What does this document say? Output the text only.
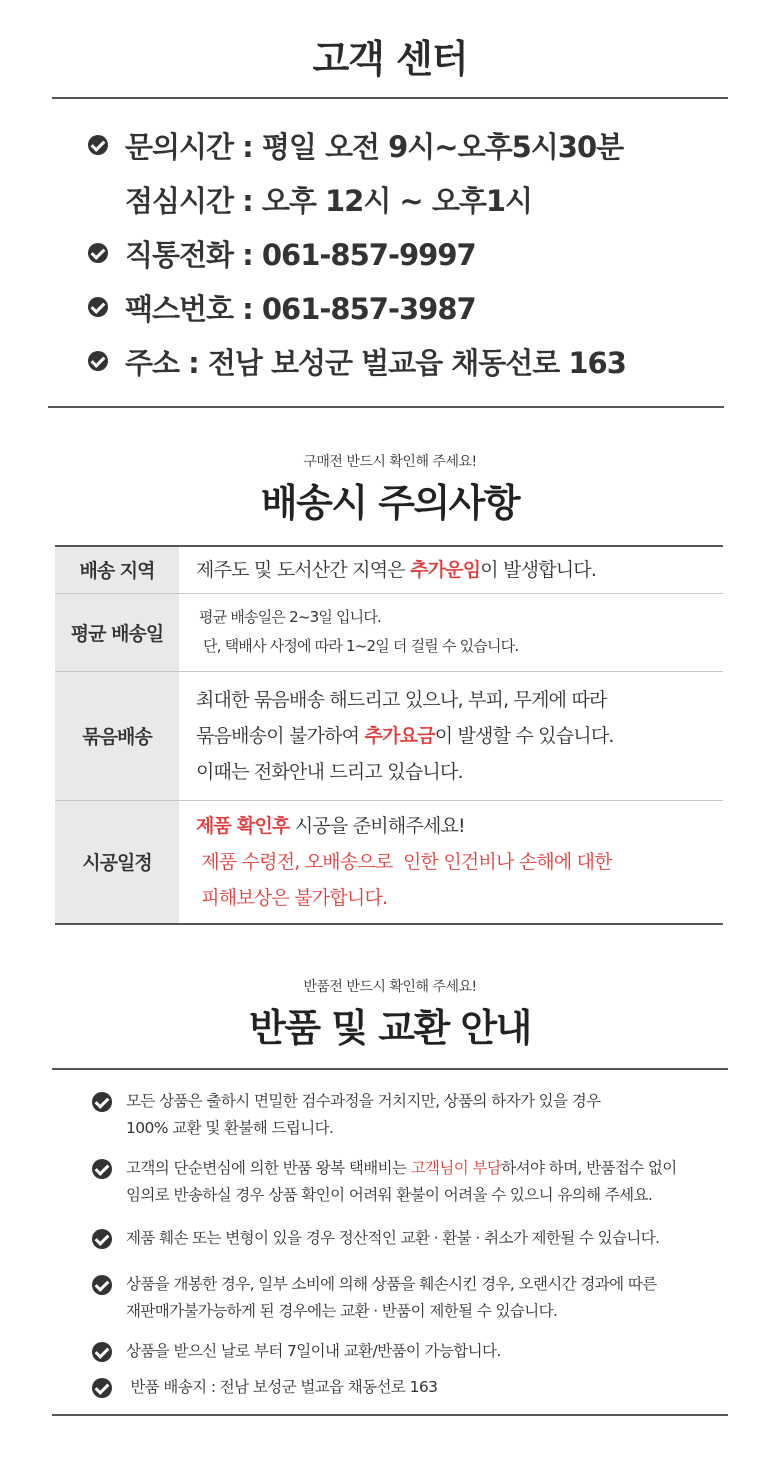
고객 센터
문의시간 : 평일 오전 9시~오후5시30분
점심시간 : 오후 12시 ~ 오후1시
직통전화 : 061-857-9997
팩스번호 : 061-857-3987
주소 : 전남 보성군 벌교읍 채동선로 163
구매전 반드시 확인해 주세요!
배송시 주의사항
배송 지역	제주도 및 도서산간 지역은 추가운임이 발생합니다.
평균 배송일	평균 배송일은 2~3일 입니다.
단, 택배사 사정에 따라 1~2일 더 걸릴 수 있습니다.

묶음배송	최대한 묶음배송 해드리고 있으나, 부피, 무게에 따라
묶음배송이 불가하여 추가요금이 발생할 수 있습니다.
이때는 전화안내 드리고 있습니다.

시공일정	제품 확인후 시공을 준비해주세요!
제품 수령전, 오배송으로  인한 인건비나 손해에 대한
피해보상은 불가합니다.
반품전 반드시 확인해 주세요!
반품 및 교환 안내
모든 상품은 출하시 면밀한 검수과정을 거치지만, 상품의 하자가 있을 경우
100% 교환 및 환불해 드립니다.
고객의 단순변심에 의한 반품 왕복 택배비는 고객님이 부담하셔야 하며, 반품접수 없이
임의로 반송하실 경우 상품 확인이 어려워 환불이 어려울 수 있으니 유의해 주세요.
제품 훼손 또는 변형이 있을 경우 정산적인 교환 · 환불 · 취소가 제한될 수 있습니다.
상품을 개봉한 경우, 일부 소비에 의해 상품을 훼손시킨 경우, 오랜시간 경과에 따른
재판매가불가능하게 된 경우에는 교환 · 반품이 제한될 수 있습니다.
상품을 받으신 날로 부터 7일이내 교환/반품이 가능합니다.
반품 배송지 : 전남 보성군 벌교읍 채동선로 163
